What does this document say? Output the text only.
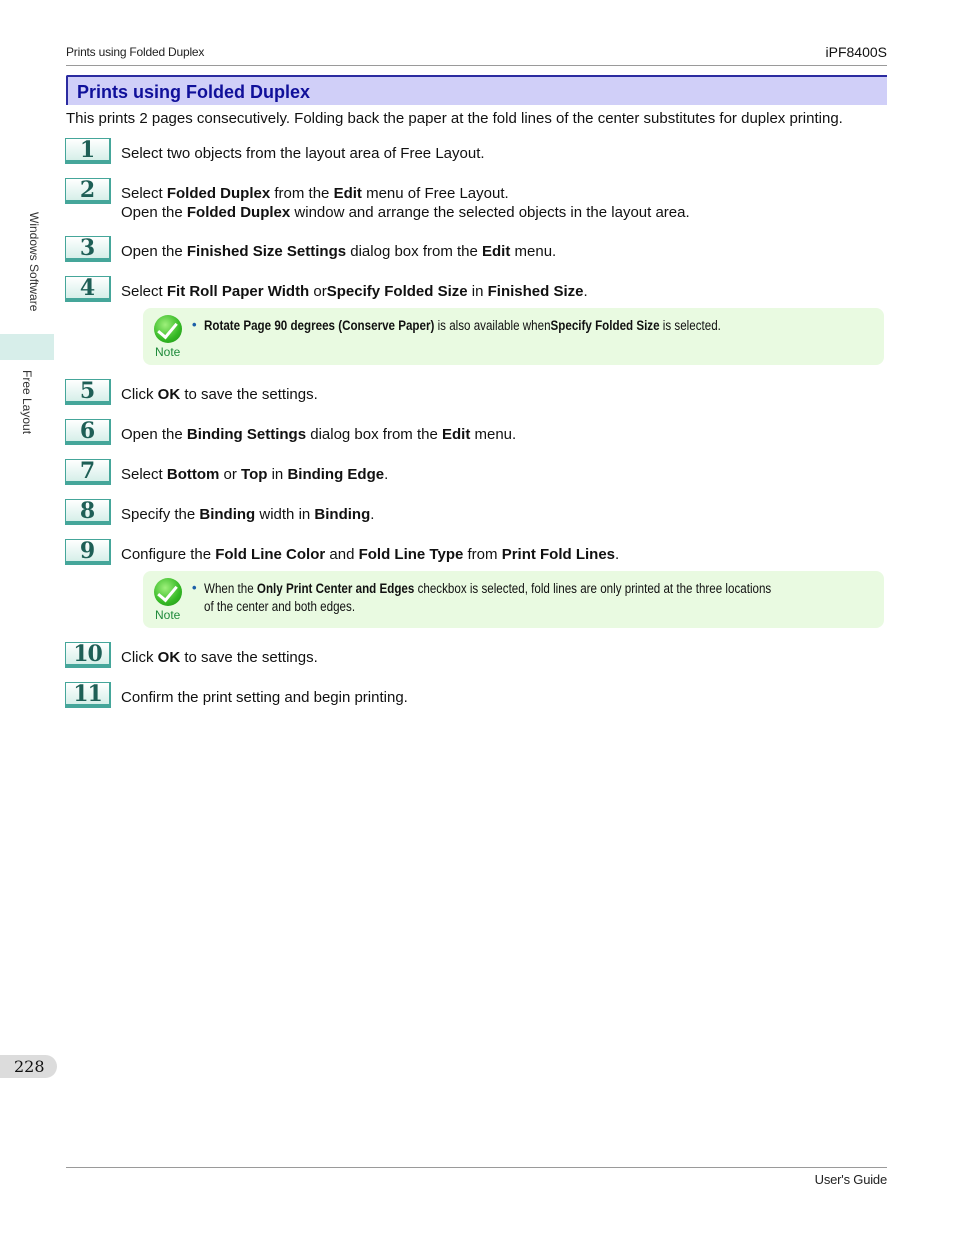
Prints using Folded Duplex	iPF8400S
Prints using Folded Duplex
This prints 2 pages consecutively. Folding back the paper at the fold lines of the center substitutes for duplex printing.
1	Select two objects from the layout area of Free Layout.
2	Select Folded Duplex from the Edit menu of Free Layout.
Open the Folded Duplex window and arrange the selected objects in the layout area.
3	Open the Finished Size Settings dialog box from the Edit menu.
4	Select Fit Roll Paper Width orSpecify Folded Size in Finished Size.
Note
• Rotate Page 90 degrees (Conserve Paper) is also available whenSpecify Folded Size is selected.
5	Click OK to save the settings.
6	Open the Binding Settings dialog box from the Edit menu.
7	Select Bottom or Top in Binding Edge.
8	Specify the Binding width in Binding.
9	Configure the Fold Line Color and Fold Line Type from Print Fold Lines.
Note
• When the Only Print Center and Edges checkbox is selected, fold lines are only printed at the three locations of the center and both edges.
10	Click OK to save the settings.
11	Confirm the print setting and begin printing.
Windows Software
Free Layout
228
User's Guide
